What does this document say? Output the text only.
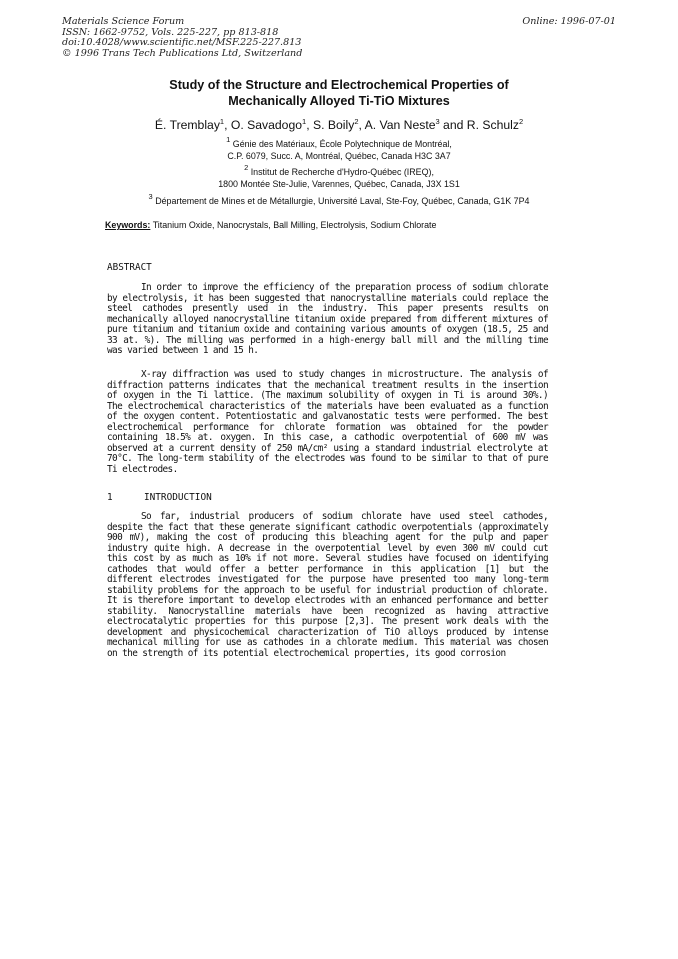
Materials Science Forum
ISSN: 1662-9752, Vols. 225-227, pp 813-818
doi:10.4028/www.scientific.net/MSF.225-227.813
© 1996 Trans Tech Publications Ltd, Switzerland
Online: 1996-07-01
Study of the Structure and Electrochemical Properties of
Mechanically Alloyed Ti-TiO Mixtures
É. Tremblay$^1$, O. Savadogo$^1$, S. Boily$^2$, A. Van Neste$^3$ and R. Schulz$^2$
$^1$ Génie des Matériaux, École Polytechnique de Montréal,
C.P. 6079, Succ. A, Montréal, Québec, Canada H3C 3A7
$^2$ Institut de Recherche d'Hydro-Québec (IREQ),
1800 Montée Ste-Julie, Varennes, Québec, Canada, J3X 1S1
$^3$ Département de Mines et de Métallurgie, Université Laval, Ste-Foy, Québec, Canada, G1K 7P4
Keywords: Titanium Oxide, Nanocrystals, Ball Milling, Electrolysis, Sodium Chlorate
ABSTRACT

In order to improve the efficiency of the preparation process of sodium chlorate by electrolysis, it has been suggested that nanocrystalline materials could replace the steel cathodes presently used in the industry. This paper presents results on mechanically alloyed nanocrystalline titanium oxide prepared from different mixtures of pure titanium and titanium oxide and containing various amounts of oxygen (18.5, 25 and 33 at. %). The milling was performed in a high-energy ball mill and the milling time was varied between 1 and 15 h.

X-ray diffraction was used to study changes in microstructure. The analysis of diffraction patterns indicates that the mechanical treatment results in the insertion of oxygen in the Ti lattice. (The maximum solubility of oxygen in Ti is around 30%.) The electrochemical characteristics of the materials have been evaluated as a function of the oxygen content. Potentiostatic and galvanostatic tests were performed. The best electrochemical performance for chlorate formation was obtained for the powder containing 18.5% at. oxygen. In this case, a cathodic overpotential of 600 mV was observed at a current density of 250 mA/cm² using a standard industrial electrolyte at 70°C. The long-term stability of the electrodes was found to be similar to that of pure Ti electrodes.

1	INTRODUCTION

So far, industrial producers of sodium chlorate have used steel cathodes, despite the fact that these generate significant cathodic overpotentials (approximately 900 mV), making the cost of producing this bleaching agent for the pulp and paper industry quite high. A decrease in the overpotential level by even 300 mV could cut this cost by as much as 10% if not more. Several studies have focused on identifying cathodes that would offer a better performance in this application [1] but the different electrodes investigated for the purpose have presented too many long-term stability problems for the approach to be useful for industrial production of chlorate. It is therefore important to develop electrodes with an enhanced performance and better stability. Nanocrystalline materials have been recognized as having attractive electrocatalytic properties for this purpose [2,3]. The present work deals with the development and physicochemical characterization of TiO alloys produced by intense mechanical milling for use as cathodes in a chlorate medium. This material was chosen on the strength of its potential electrochemical properties, its good corrosion
